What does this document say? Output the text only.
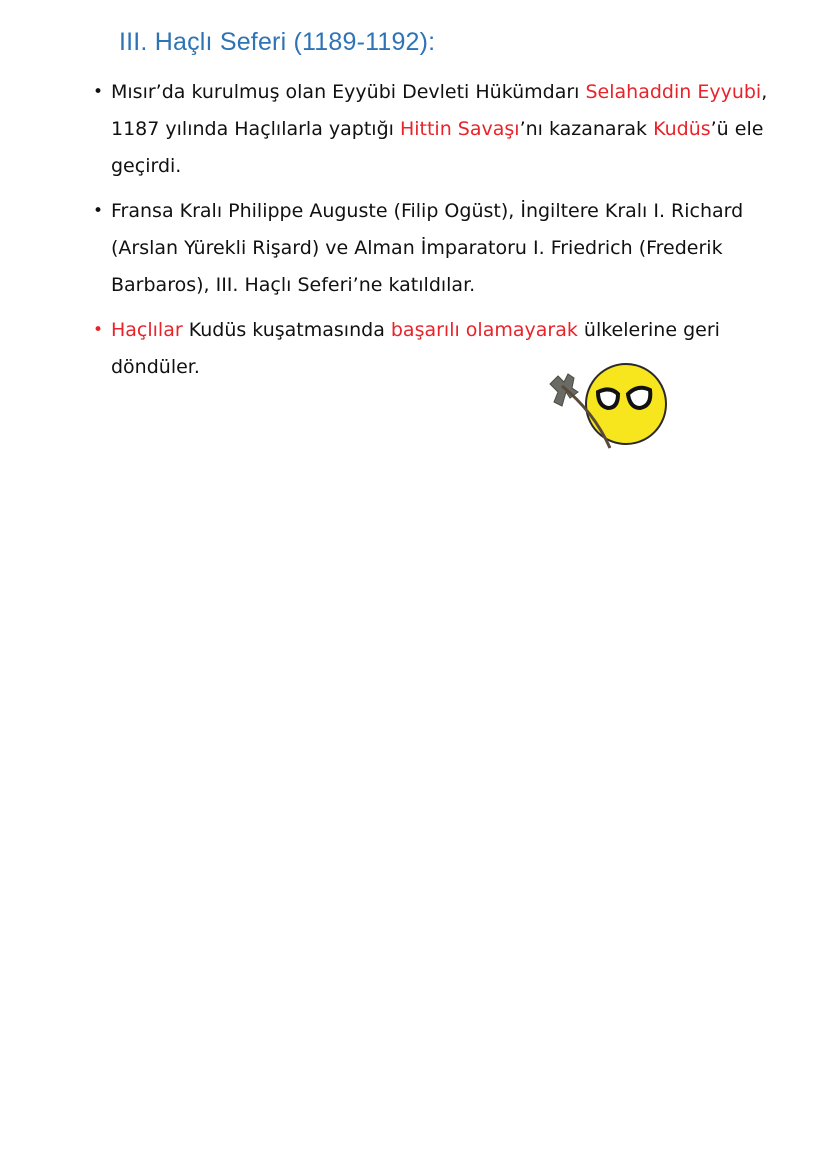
III. Haçlı Seferi (1189-1192):
• Mısır’da kurulmuş olan Eyyübi Devleti Hükümdarı Selahaddin Eyyubi, 1187 yılında Haçlılarla yaptığı Hittin Savaşı’nı kazanarak Kudüs’ü ele geçirdi.
• Fransa Kralı Philippe Auguste (Filip Ogüst), İngiltere Kralı I. Richard (Arslan Yürekli Rişard) ve Alman İmparatoru I. Friedrich (Frederik Barbaros), III. Haçlı Seferi’ne katıldılar.
• Haçlılar Kudüs kuşatmasında başarılı olamayarak ülkelerine geri döndüler.
